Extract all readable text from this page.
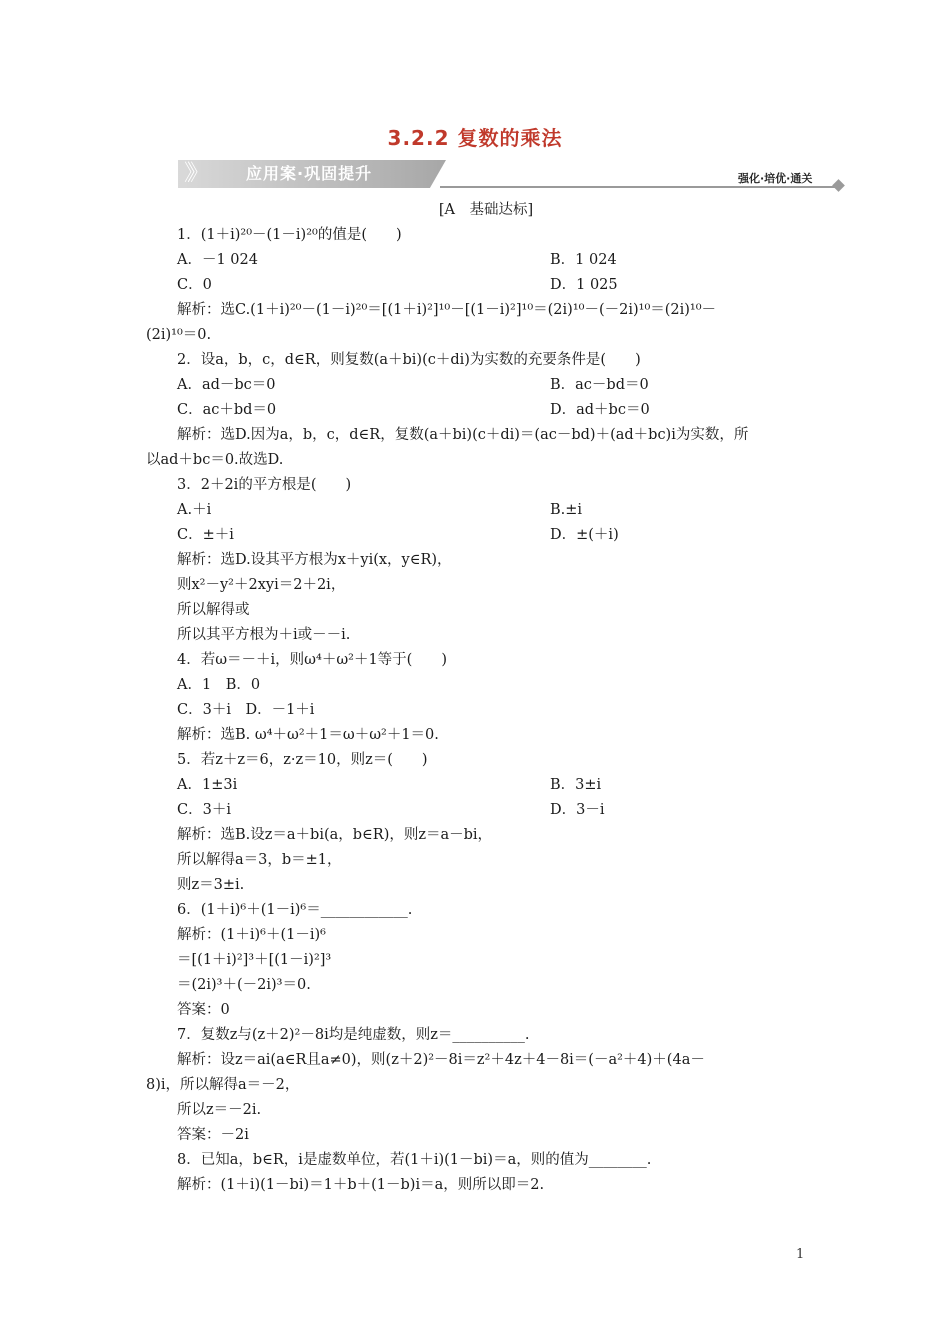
3.2.2 复数的乘法
》》	应用案·巩固提升	强化·培优·通关
[A　基础达标]
1．(1＋i)²⁰－(1－i)²⁰的值是(　　)
A．－1 024	B．1 024
C．0	D．1 025
解析：选C.(1＋i)²⁰－(1－i)²⁰＝[(1＋i)²]¹⁰－[(1－i)²]¹⁰＝(2i)¹⁰－(－2i)¹⁰＝(2i)¹⁰－
(2i)¹⁰＝0.
2．设a，b，c，d∈R，则复数(a＋bi)(c＋di)为实数的充要条件是(　　)
A．ad－bc＝0	B．ac－bd＝0
C．ac＋bd＝0	D．ad＋bc＝0
解析：选D.因为a，b，c，d∈R，复数(a＋bi)(c＋di)＝(ac－bd)＋(ad＋bc)i为实数，所
以ad＋bc＝0.故选D.
3．2＋2i的平方根是(　　)
A.＋i	B.±i
C．±＋i	D．±(＋i)
解析：选D.设其平方根为x＋yi(x，y∈R)，
则x²－y²＋2xyi＝2＋2i，
所以解得或
所以其平方根为＋i或－－i.
4．若ω＝－＋i，则ω⁴＋ω²＋1等于(　　)
A．1　B．0
C．3＋i　D．－1＋i
解析：选B. ω⁴＋ω²＋1＝ω＋ω²＋1＝0.
5．若z＋z＝6，z·z＝10，则z＝(　　)
A．1±3i	B．3±i
C．3＋i	D．3－i
解析：选B.设z＝a＋bi(a，b∈R)，则z＝a－bi，
所以解得a＝3，b＝±1，
则z＝3±i.
6．(1＋i)⁶＋(1－i)⁶＝____________.
解析：(1＋i)⁶＋(1－i)⁶
＝[(1＋i)²]³＋[(1－i)²]³
＝(2i)³＋(－2i)³＝0.
答案：0
7．复数z与(z＋2)²－8i均是纯虚数，则z＝__________.
解析：设z＝ai(a∈R且a≠0)，则(z＋2)²－8i＝z²＋4z＋4－8i＝(－a²＋4)＋(4a－
8)i，所以解得a＝－2，
所以z＝－2i.
答案：－2i
8．已知a，b∈R，i是虚数单位，若(1＋i)(1－bi)＝a，则的值为________.
解析：(1＋i)(1－bi)＝1＋b＋(1－b)i＝a，则所以即＝2.
1
